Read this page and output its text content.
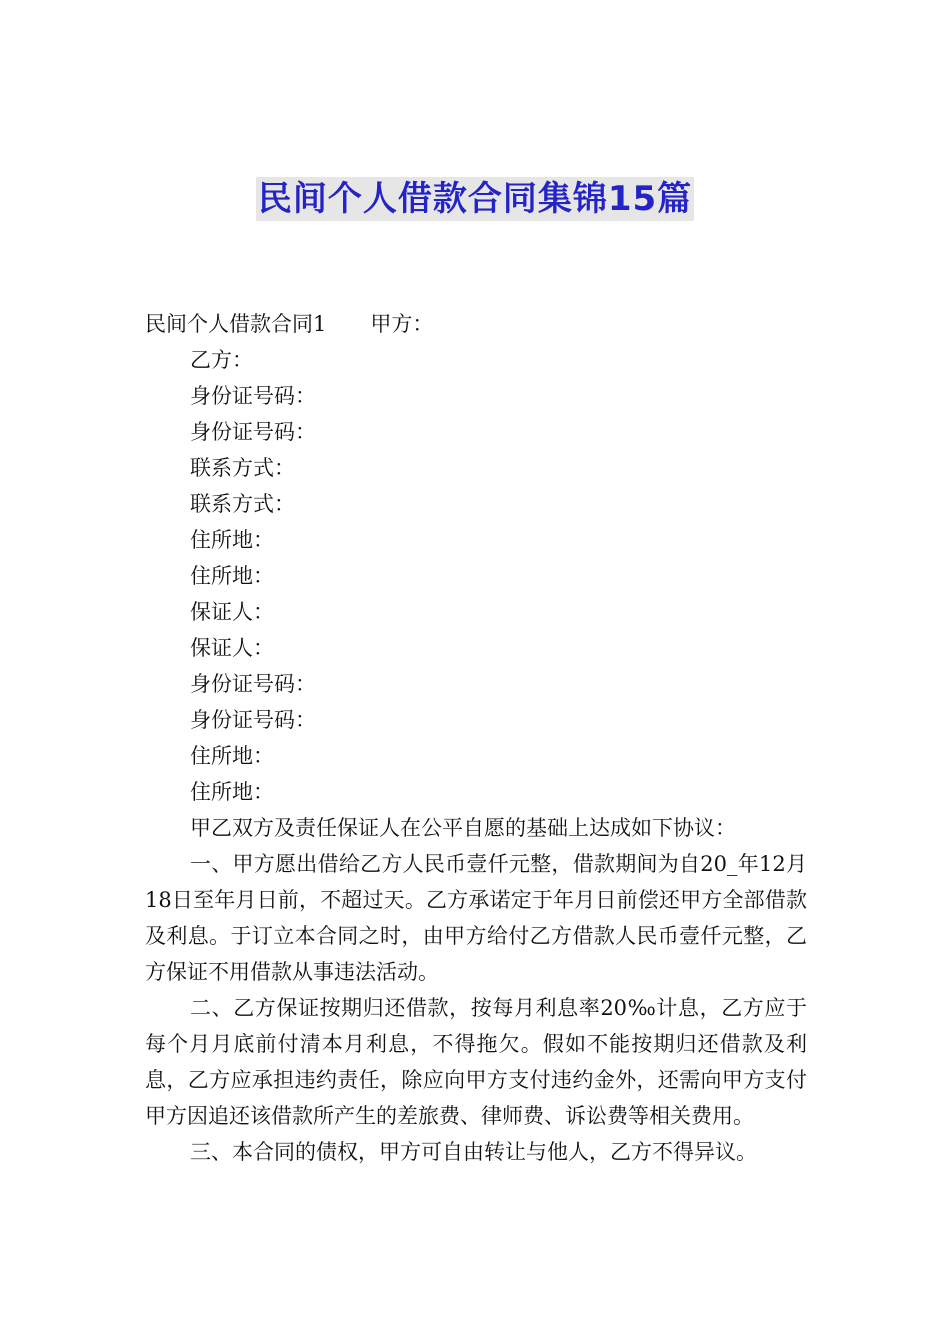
民间个人借款合同集锦15篇
民间个人借款合同1 甲方：
乙方：
身份证号码：
身份证号码：
联系方式：
联系方式：
住所地：
住所地：
保证人：
保证人：
身份证号码：
身份证号码：
住所地：
住所地：

甲乙双方及责任保证人在公平自愿的基础上达成如下协议：

一、甲方愿出借给乙方人民币壹仟元整，借款期间为自20_年12月18日至年月日前，不超过天。乙方承诺定于年月日前偿还甲方全部借款及利息。于订立本合同之时，由甲方给付乙方借款人民币壹仟元整，乙方保证不用借款从事违法活动。

二、乙方保证按期归还借款，按每月利息率20‰计息，乙方应于每个月月底前付清本月利息，不得拖欠。假如不能按期归还借款及利息，乙方应承担违约责任，除应向甲方支付违约金外，还需向甲方支付甲方因追还该借款所产生的差旅费、律师费、诉讼费等相关费用。

三、本合同的债权，甲方可自由转让与他人，乙方不得异议。
